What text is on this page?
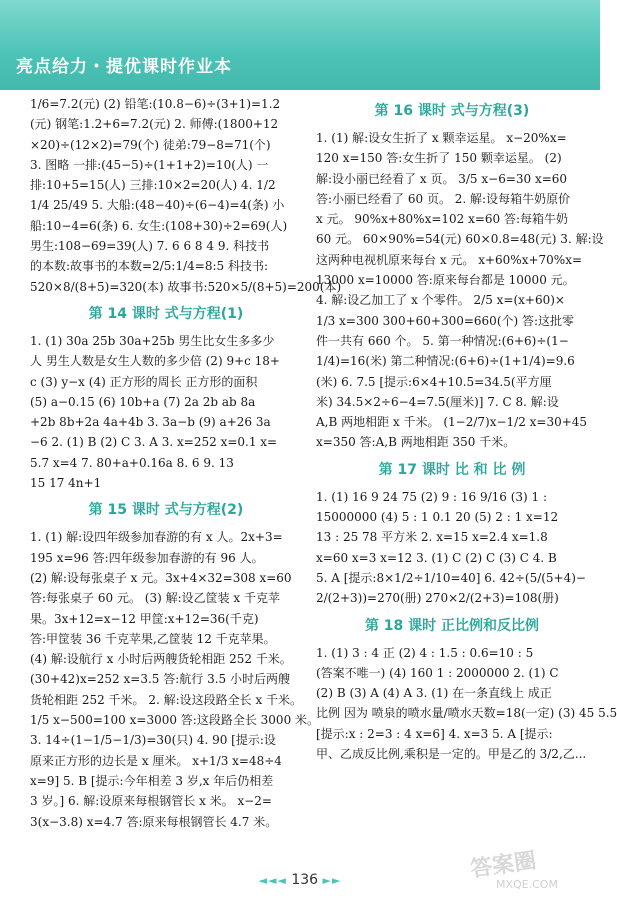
亮点给力・提优课时作业本
1/6=7.2(元) (2) 铅笔:(10.8−6)÷(3+1)=1.2
(元) 钢笔:1.2+6=7.2(元) 2. 师傅:(1800+12
×20)÷(12×2)=79(个) 徒弟:79−8=71(个)
3. 图略 一排:(45−5)÷(1+1+2)=10(人) 一
排:10+5=15(人) 三排:10×2=20(人) 4. 1/2
1/4 25/49 5. 大船:(48−40)÷(6−4)=4(条) 小
船:10−4=6(条) 6. 女生:(108+30)÷2=69(人)
男生:108−69=39(人) 7. 6 6 8 4 9. 科技书
的本数:故事书的本数=2/5:1/4=8:5 科技书:
520×8/(8+5)=320(本) 故事书:520×5/(8+5)=200(本)
第 14 课时 式与方程(1)
1. (1) 30a 25b 30a+25b 男生比女生多多少
人 男生人数是女生人数的多少倍 (2) 9+c 18+
c (3) y−x (4) 正方形的周长 正方形的面积
(5) a−0.15 (6) 10b+a (7) 2a 2b ab 8a
+2b 8b+2a 4a+4b 3. 3a−b (9) a+26 3a
−6 2. (1) B (2) C 3. A 3. x=252 x=0.1 x=
5.7 x=4 7. 80+a+0.16a 8. 6 9. 13
15 17 4n+1
第 15 课时 式与方程(2)
1. (1) 解:设四年级参加春游的有 x 人。2x+3=
195 x=96 答:四年级参加春游的有 96 人。
(2) 解:设每张桌子 x 元。3x+4×32=308 x=60
答:每张桌子 60 元。 (3) 解:设乙筐装 x 千克苹
果。3x+12=x−12 甲筐:x+12=36(千克)
答:甲筐装 36 千克苹果,乙筐装 12 千克苹果。
(4) 解:设航行 x 小时后两艘货轮相距 252 千米。
(30+42)x=252 x=3.5 答:航行 3.5 小时后两艘
货轮相距 252 千米。 2. 解:设这段路全长 x 千米。
1/5 x−500=100 x=3000 答:这段路全长 3000 米。
3. 14÷(1−1/5−1/3)=30(只) 4. 90 [提示:设
原来正方形的边长是 x 厘米。 x+1/3 x=48÷4
x=9] 5. B [提示:今年相差 3 岁,x 年后仍相差
3 岁。] 6. 解:设原来每根钢管长 x 米。 x−2=
3(x−3.8) x=4.7 答:原来每根钢管长 4.7 米。
第 16 课时 式与方程(3)
1. (1) 解:设女生折了 x 颗幸运星。 x−20%x=
120 x=150 答:女生折了 150 颗幸运星。 (2)
解:设小丽已经看了 x 页。 3/5 x−6=30 x=60
答:小丽已经看了 60 页。 2. 解:设每箱牛奶原价
x 元。 90%x+80%x=102 x=60 答:每箱牛奶
60 元。 60×90%=54(元) 60×0.8=48(元) 3. 解:设
这两种电视机原来每台 x 元。 x+60%x+70%x=
13000 x=10000 答:原来每台都是 10000 元。
4. 解:设乙加工了 x 个零件。 2/5 x=(x+60)×
1/3 x=300 300+60+300=660(个) 答:这批零
件一共有 660 个。 5. 第一种情况:(6+6)÷(1−
1/4)=16(米) 第二种情况:(6+6)÷(1+1/4)=9.6
(米) 6. 7.5 [提示:6×4+10.5=34.5(平方厘
米) 34.5×2÷6−4=7.5(厘米)] 7. C 8. 解:设
A,B 两地相距 x 千米。 (1−2/7)x−1/2 x=30+45
x=350 答:A,B 两地相距 350 千米。
第 17 课时 比 和 比 例
1. (1) 16 9 24 75 (2) 9 : 16 9/16 (3) 1 :
15000000 (4) 5 : 1 0.1 20 (5) 2 : 1 x=12
13 : 25 78 平方米 2. x=15 x=2.4 x=1.8
x=60 x=3 x=12 3. (1) C (2) C (3) C 4. B
5. A [提示:8×1/2÷1/10=40] 6. 42÷(5/(5+4)−
2/(2+3))=270(册) 270×2/(2+3)=108(册)
第 18 课时 正比例和反比例
1. (1) 3 : 4 正 (2) 4 : 1.5 : 0.6=10 : 5
(答案不唯一) (4) 160 1 : 2000000 2. (1) C
(2) B (3) A (4) A 3. (1) 在一条直线上 成正
比例 因为 喷泉的喷水量/喷水天数=18(一定) (3) 45 5.5
[提示:x : 2=3 : 4 x=6] 4. x=3 5. A [提示:
甲、乙成反比例,乘积是一定的。甲是乙的 3/2,乙...
◄◄◄ 136 ►►	答案圈
MXQE.COM
